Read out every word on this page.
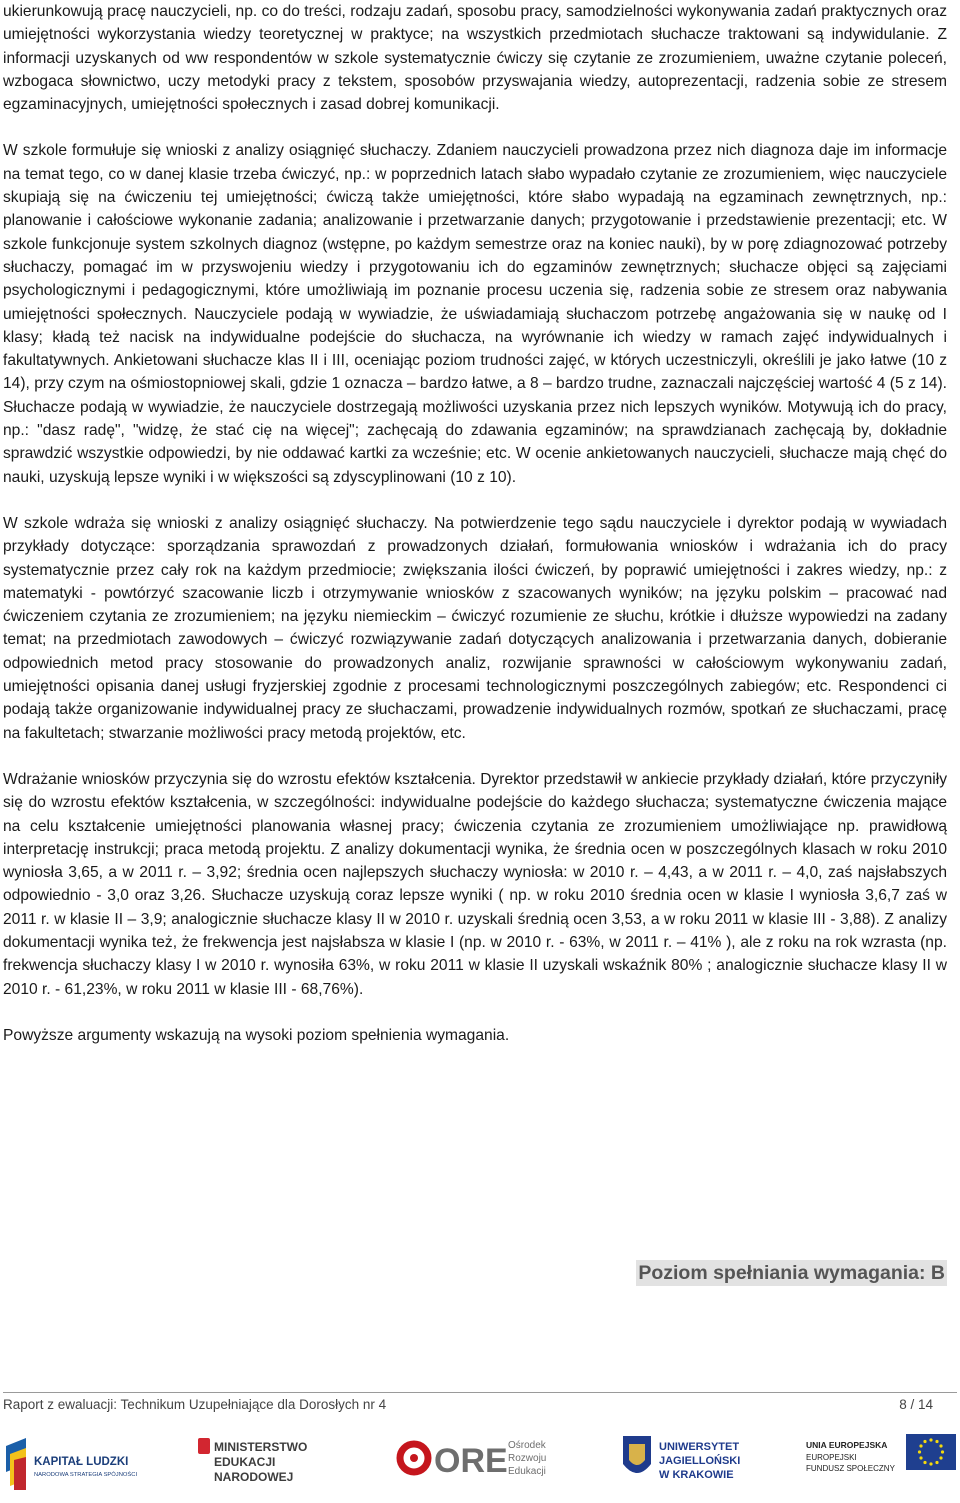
ukierunkowują pracę nauczycieli, np. co do treści, rodzaju zadań, sposobu pracy, samodzielności wykonywania zadań praktycznych oraz umiejętności wykorzystania wiedzy teoretycznej w praktyce; na wszystkich przedmiotach słuchacze traktowani są indywidulanie. Z informacji uzyskanych od ww respondentów w szkole systematycznie ćwiczy się czytanie ze zrozumieniem, uważne czytanie poleceń, wzbogaca słownictwo, uczy metodyki pracy z tekstem, sposobów przyswajania wiedzy, autoprezentacji, radzenia sobie ze stresem egzaminacyjnych, umiejętności społecznych i zasad dobrej komunikacji.

W szkole formułuje się wnioski z analizy osiągnięć słuchaczy. Zdaniem nauczycieli prowadzona przez nich diagnoza daje im informacje na temat tego, co w danej klasie trzeba ćwiczyć, np.: w poprzednich latach słabo wypadało czytanie ze zrozumieniem, więc nauczyciele skupiają się na ćwiczeniu tej umiejętności; ćwiczą także umiejętności, które słabo wypadają na egzaminach zewnętrznych, np.: planowanie i całościowe wykonanie zadania; analizowanie i przetwarzanie danych; przygotowanie i przedstawienie prezentacji; etc. W szkole funkcjonuje system szkolnych diagnoz (wstępne, po każdym semestrze oraz na koniec nauki), by w porę zdiagnozować potrzeby słuchaczy, pomagać im w przyswojeniu wiedzy i przygotowaniu ich do egzaminów zewnętrznych; słuchacze objęci są zajęciami psychologicznymi i pedagogicznymi, które umożliwiają im poznanie procesu uczenia się, radzenia sobie ze stresem oraz nabywania umiejętności społecznych. Nauczyciele podają w wywiadzie, że uświadamiają słuchaczom potrzebę angażowania się w naukę od I klasy; kładą też nacisk na indywidualne podejście do słuchacza, na wyrównanie ich wiedzy w ramach zajęć indywidualnych i fakultatywnych. Ankietowani słuchacze klas II i III, oceniając poziom trudności zajęć, w których uczestniczyli, określili je jako łatwe (10 z 14), przy czym na ośmiostopniowej skali, gdzie 1 oznacza – bardzo łatwe, a 8 – bardzo trudne, zaznaczali najczęściej wartość 4 (5 z 14). Słuchacze podają w wywiadzie, że nauczyciele dostrzegają możliwości uzyskania przez nich lepszych wyników. Motywują ich do pracy, np.: "dasz radę", "widzę, że stać cię na więcej"; zachęcają do zdawania egzaminów; na sprawdzianach zachęcają by, dokładnie sprawdzić wszystkie odpowiedzi, by nie oddawać kartki za wcześnie; etc. W ocenie ankietowanych nauczycieli, słuchacze mają chęć do nauki, uzyskują lepsze wyniki i w większości są zdyscyplinowani (10 z 10).

W szkole wdraża się wnioski z analizy osiągnięć słuchaczy. Na potwierdzenie tego sądu nauczyciele i dyrektor podają w wywiadach przykłady dotyczące: sporządzania sprawozdań z prowadzonych działań, formułowania wniosków i wdrażania ich do pracy systematycznie przez cały rok na każdym przedmiocie; zwiększania ilości ćwiczeń, by poprawić umiejętności i zakres wiedzy, np.: z matematyki - powtórzyć szacowanie liczb i otrzymywanie wniosków z szacowanych wyników; na języku polskim – pracować nad ćwiczeniem czytania ze zrozumieniem; na języku niemieckim – ćwiczyć rozumienie ze słuchu, krótkie i dłuższe wypowiedzi na zadany temat; na przedmiotach zawodowych – ćwiczyć rozwiązywanie zadań dotyczących analizowania i przetwarzania danych, dobieranie odpowiednich metod pracy stosowanie do prowadzonych analiz, rozwijanie sprawności w całościowym wykonywaniu zadań, umiejętności opisania danej usługi fryzjerskiej zgodnie z procesami technologicznymi poszczególnych zabiegów; etc. Respondenci ci podają także organizowanie indywidualnej pracy ze słuchaczami, prowadzenie indywidualnych rozmów, spotkań ze słuchaczami, pracę na fakultetach; stwarzanie możliwości pracy metodą projektów, etc.

Wdrażanie wniosków przyczynia się do wzrostu efektów kształcenia. Dyrektor przedstawił w ankiecie przykłady działań, które przyczyniły się do wzrostu efektów kształcenia, w szczególności: indywidualne podejście do każdego słuchacza; systematyczne ćwiczenia mające na celu kształcenie umiejętności planowania własnej pracy; ćwiczenia czytania ze zrozumieniem umożliwiające np. prawidłową interpretację instrukcji; praca metodą projektu. Z analizy dokumentacji wynika, że średnia ocen w poszczególnych klasach w roku 2010 wyniosła 3,65, a w 2011 r. – 3,92; średnia ocen najlepszych słuchaczy wyniosła: w 2010 r. – 4,43, a w 2011 r. – 4,0, zaś najsłabszych odpowiednio - 3,0 oraz 3,26. Słuchacze uzyskują coraz lepsze wyniki ( np. w roku 2010 średnia ocen w klasie I wyniosła 3,6,7 zaś w 2011 r. w klasie II – 3,9; analogicznie słuchacze klasy II w 2010 r. uzyskali średnią ocen 3,53, a w roku 2011 w klasie III - 3,88). Z analizy dokumentacji wynika też, że frekwencja jest najsłabsza w klasie I (np. w 2010 r. - 63%, w 2011 r. – 41% ), ale z roku na rok wzrasta (np. frekwencja słuchaczy klasy I w 2010 r. wynosiła 63%, w roku 2011 w klasie II uzyskali wskaźnik 80% ; analogicznie słuchacze klasy II w 2010 r. - 61,23%, w roku 2011 w klasie III - 68,76%).

Powyższe argumenty wskazują na wysoki poziom spełnienia wymagania.

Poziom spełniania wymagania: B
Raport z ewaluacji: Technikum Uzupełniające dla Dorosłych nr 4	8 / 14
KAPITAŁ LUDZKI
NARODOWA STRATEGIA SPÓJNOŚCI
MINISTERSTWO
EDUKACJI
NARODOWEJ	ORE Ośrodek
Rozwoju
Edukacji
UNIWERSYTET
JAGIELLOŃSKI
W KRAKOWIE
UNIA EUROPEJSKA
EUROPEJSKI
FUNDUSZ SPOŁECZNY
